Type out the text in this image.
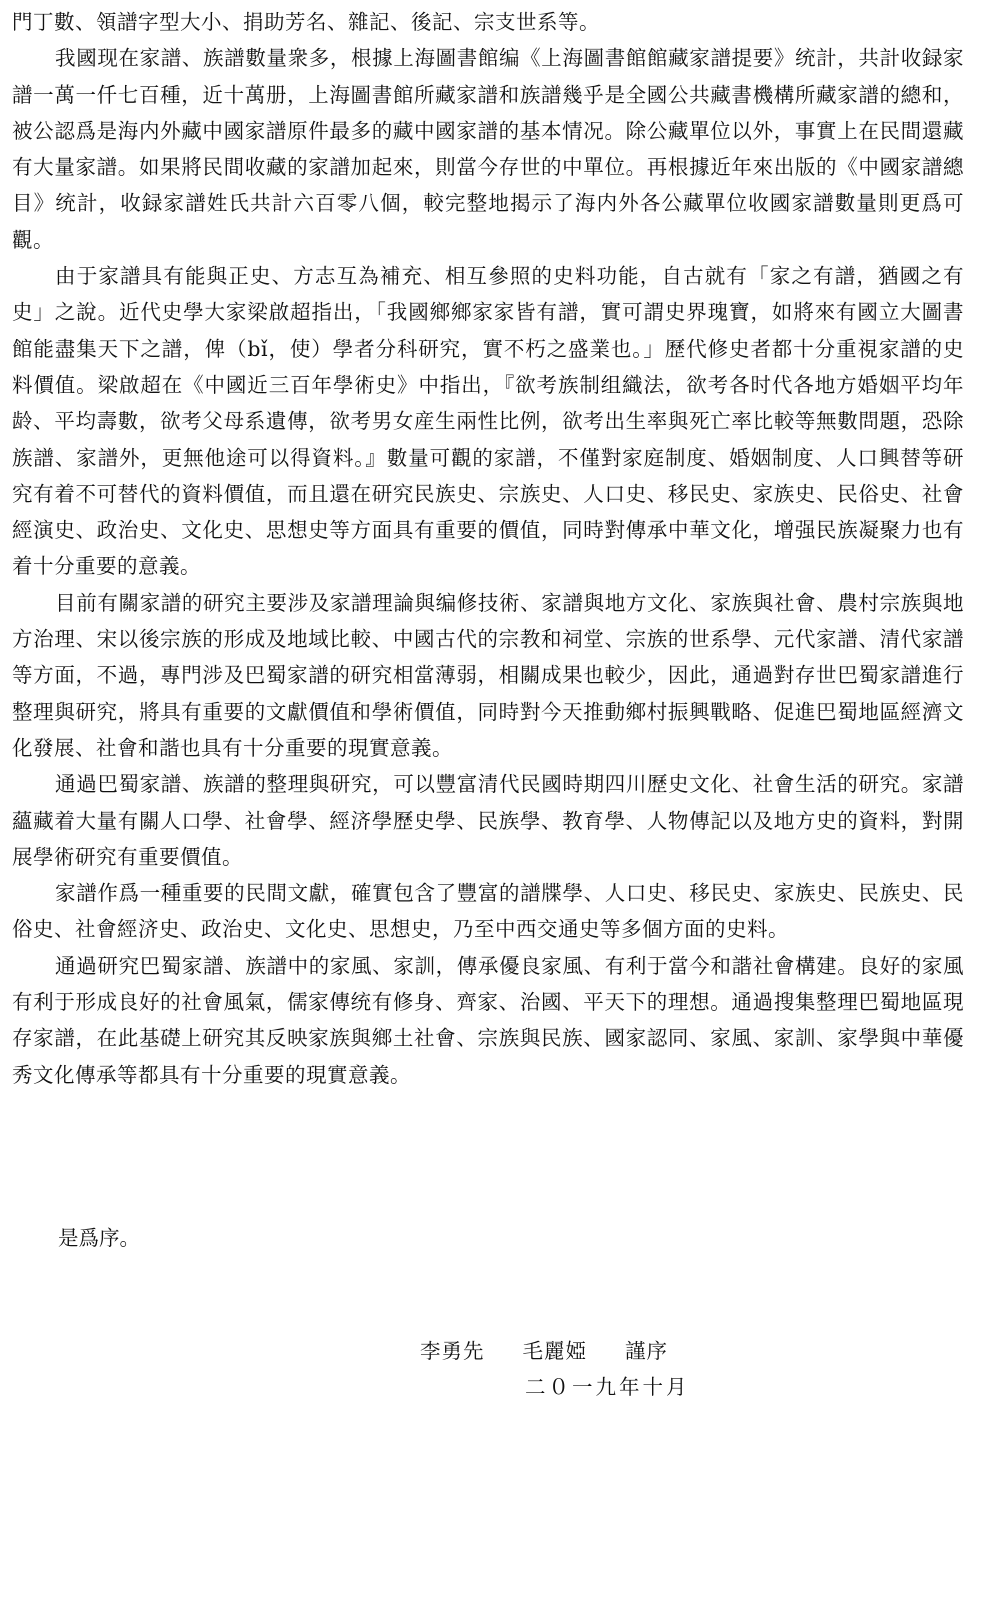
門丁數、領譜字型大小、捐助芳名、雜記、後記、宗支世系等。

我國现在家譜、族譜數量衆多，根據上海圖書館编《上海圖書館館藏家譜提要》统計，共計收録家譜一萬一仟七百種，近十萬册，上海圖書館所藏家譜和族譜幾乎是全國公共藏書機構所藏家譜的總和，被公認爲是海内外藏中國家譜原件最多的藏中國家譜的基本情况。除公藏單位以外，事實上在民間還藏有大量家譜。如果將民間收藏的家譜加起來，則當今存世的中單位。再根據近年來出版的《中國家譜總目》统計，收録家譜姓氏共計六百零八個，較完整地揭示了海内外各公藏單位收國家譜數量則更爲可觀。

由于家譜具有能與正史、方志互為補充、相互參照的史料功能，自古就有「家之有譜，猶國之有史」之說。近代史學大家梁啟超指出，「我國鄉鄉家家皆有譜，實可謂史界瑰寶，如將來有國立大圖書館能盡集天下之譜，俾（bǐ，使）學者分科研究，實不朽之盛業也。」歷代修史者都十分重視家譜的史料價值。梁啟超在《中國近三百年學術史》中指出，『欲考族制组織法，欲考各时代各地方婚姻平均年龄、平均壽數，欲考父母系遺傳，欲考男女産生兩性比例，欲考出生率與死亡率比較等無數問題，恐除族譜、家譜外，更無他途可以得資料。』數量可觀的家譜，不僅對家庭制度、婚姻制度、人口興替等研究有着不可替代的資料價值，而且還在研究民族史、宗族史、人口史、移民史、家族史、民俗史、社會經演史、政治史、文化史、思想史等方面具有重要的價值，同時對傳承中華文化，增强民族凝聚力也有着十分重要的意義。

目前有關家譜的研究主要涉及家譜理論與编修技術、家譜與地方文化、家族與社會、農村宗族與地方治理、宋以後宗族的形成及地域比較、中國古代的宗教和祠堂、宗族的世系學、元代家譜、清代家譜等方面，不過，專門涉及巴蜀家譜的研究相當薄弱，相關成果也較少，因此，通過對存世巴蜀家譜進行整理與研究，將具有重要的文獻價值和學術價值，同時對今天推動鄉村振興戰略、促進巴蜀地區經濟文化發展、社會和諧也具有十分重要的現實意義。

通過巴蜀家譜、族譜的整理與研究，可以豐富清代民國時期四川歷史文化、社會生活的研究。家譜蘊藏着大量有關人口學、社會學、經济學歷史學、民族學、教育學、人物傳記以及地方史的資料，對開展學術研究有重要價值。

家譜作爲一種重要的民間文獻，確實包含了豐富的譜牒學、人口史、移民史、家族史、民族史、民俗史、社會經济史、政治史、文化史、思想史，乃至中西交通史等多個方面的史料。

通過研究巴蜀家譜、族譜中的家風、家訓，傳承優良家風、有利于當今和諧社會構建。良好的家風有利于形成良好的社會風氣，儒家傳统有修身、齊家、治國、平天下的理想。通過搜集整理巴蜀地區現存家譜，在此基礎上研究其反映家族與鄉土社會、宗族與民族、國家認同、家風、家訓、家學與中華優秀文化傳承等都具有十分重要的現實意義。

是爲序。

李勇先 毛麗婭 謹序

二０一九年十月
